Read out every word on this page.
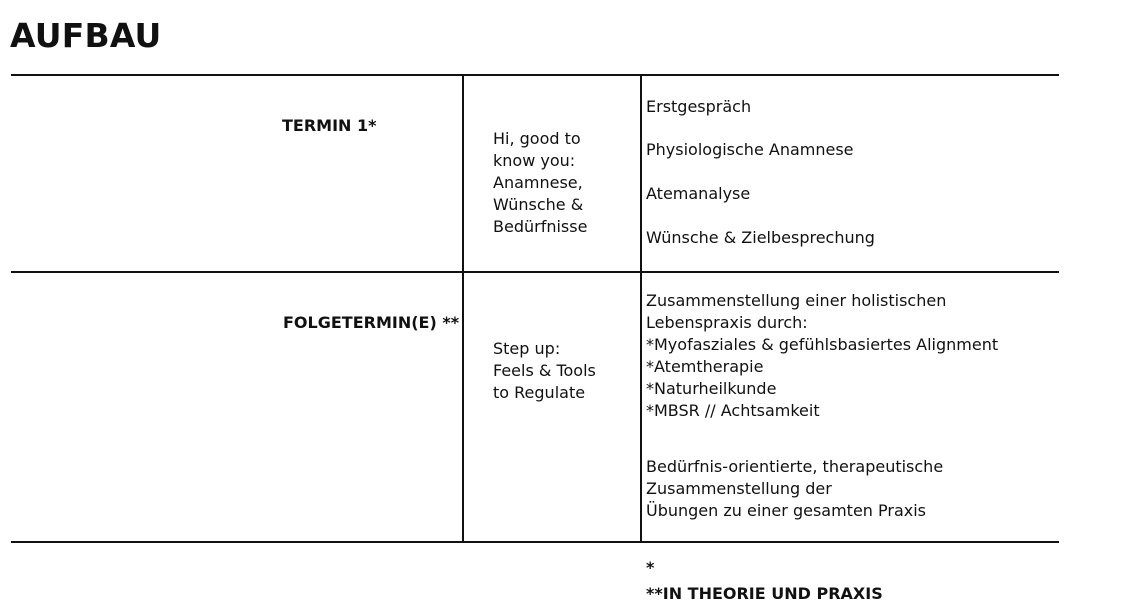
AUFBAU
TERMIN 1*
Hi, good to
know you:
Anamnese,
Wünsche &
Bedürfnisse
Erstgespräch
Physiologische Anamnese
Atemanalyse
Wünsche & Zielbesprechung
FOLGETERMIN(E) **
Step up:
Feels & Tools
to Regulate
Zusammenstellung einer holistischen
Lebenspraxis durch:
*Myofasziales & gefühlsbasiertes Alignment
*Atemtherapie
*Naturheilkunde
*MBSR // Achtsamkeit
Bedürfnis-orientierte, therapeutische
Zusammenstellung der
Übungen zu einer gesamten Praxis
*
**IN THEORIE UND PRAXIS
